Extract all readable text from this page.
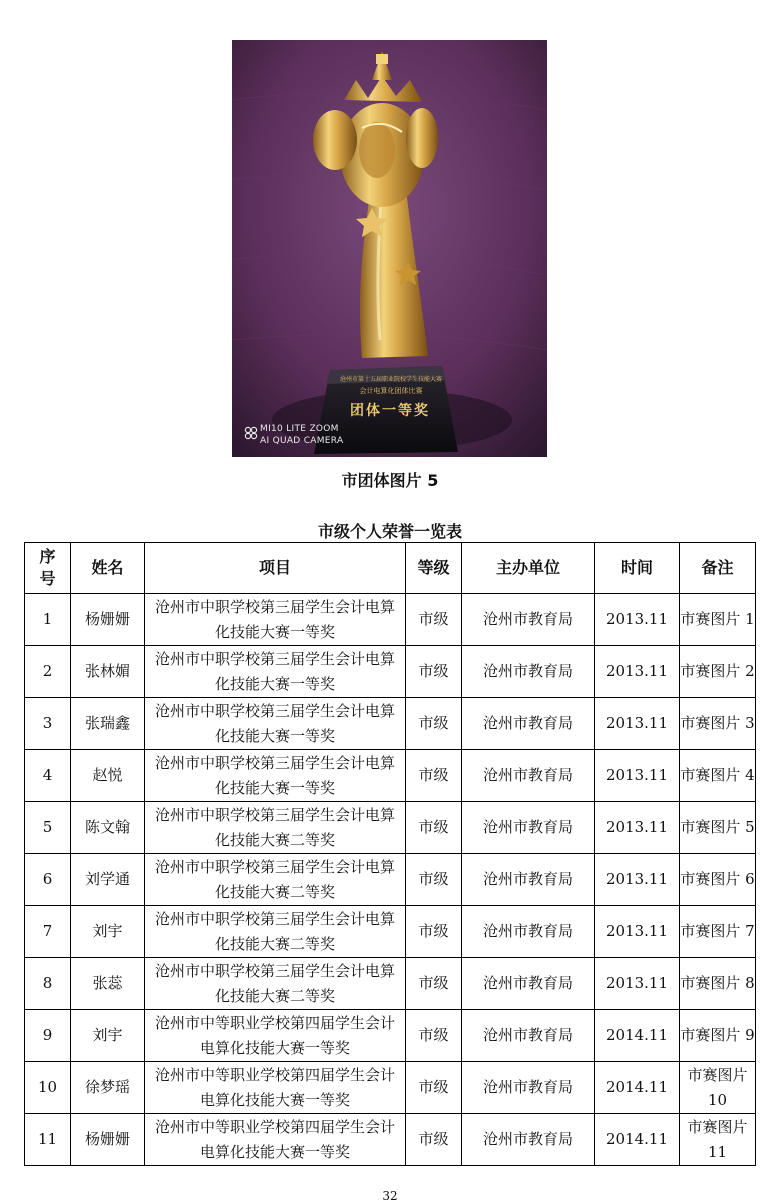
沧州市第十五届职业院校学生技能大赛
会计电算化团体比赛
团体一等奖
MI10 LITE ZOOM
AI QUAD CAMERA
市团体图片 5
市级个人荣誉一览表
序
号	姓名	项目	等级	主办单位	时间	备注
1	杨姗姗	沧州市中职学校第三届学生会计电算化技能大赛一等奖	市级	沧州市教育局	2013.11	市赛图片 1
2	张林媚	沧州市中职学校第三届学生会计电算化技能大赛一等奖	市级	沧州市教育局	2013.11	市赛图片 2
3	张瑞鑫	沧州市中职学校第三届学生会计电算化技能大赛一等奖	市级	沧州市教育局	2013.11	市赛图片 3
4	赵悦	沧州市中职学校第三届学生会计电算化技能大赛一等奖	市级	沧州市教育局	2013.11	市赛图片 4
5	陈文翰	沧州市中职学校第三届学生会计电算化技能大赛二等奖	市级	沧州市教育局	2013.11	市赛图片 5
6	刘学通	沧州市中职学校第三届学生会计电算化技能大赛二等奖	市级	沧州市教育局	2013.11	市赛图片 6
7	刘宇	沧州市中职学校第三届学生会计电算化技能大赛二等奖	市级	沧州市教育局	2013.11	市赛图片 7
8	张蕊	沧州市中职学校第三届学生会计电算化技能大赛二等奖	市级	沧州市教育局	2013.11	市赛图片 8
9	刘宇	沧州市中等职业学校第四届学生会计电算化技能大赛一等奖	市级	沧州市教育局	2014.11	市赛图片 9
10	徐梦瑶	沧州市中等职业学校第四届学生会计电算化技能大赛一等奖	市级	沧州市教育局	2014.11	市赛图片 10
11	杨姗姗	沧州市中等职业学校第四届学生会计电算化技能大赛一等奖	市级	沧州市教育局	2014.11	市赛图片 11
32
